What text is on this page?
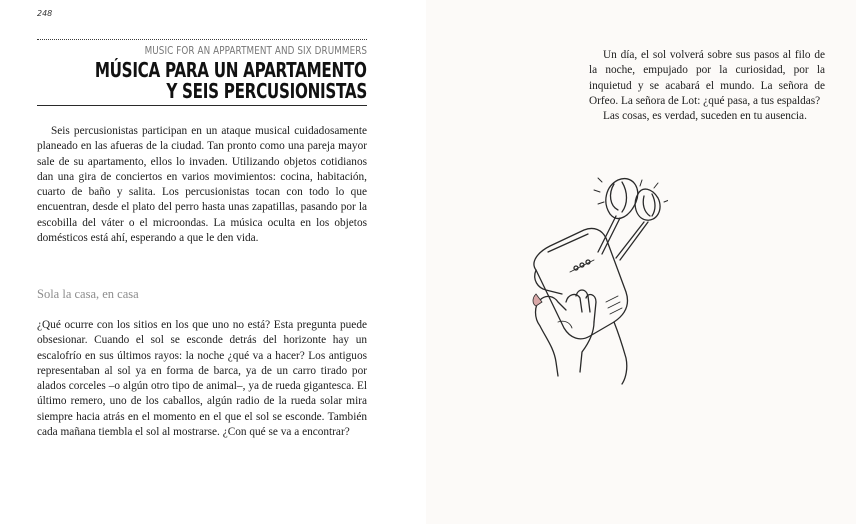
248
MUSIC FOR AN APPARTMENT AND SIX DRUMMERS
MÚSICA PARA UN APARTAMENTO
Y SEIS PERCUSIONISTAS

Seis percusionistas participan en un ataque musical cuidadosamente planeado en las afueras de la ciudad. Tan pronto como una pareja mayor sale de su apartamento, ellos lo invaden. Utilizando objetos cotidianos dan una gira de conciertos en varios movimientos: cocina, habitación, cuarto de baño y salita. Los percusionistas tocan con todo lo que encuentran, desde el plato del perro hasta unas zapatillas, pasando por la escobilla del váter o el microondas. La música oculta en los objetos domésticos está ahí, esperando a que le den vida.

Sola la casa, en casa

¿Qué ocurre con los sitios en los que uno no está? Esta pregunta puede obsesionar. Cuando el sol se esconde detrás del horizonte hay un escalofrío en sus últimos rayos: la noche ¿qué va a hacer? Los antiguos representaban al sol ya en forma de barca, ya de un carro tirado por alados corceles –o algún otro tipo de animal–, ya de rueda gigantesca. El último remero, uno de los caballos, algún radio de la rueda solar mira siempre hacia atrás en el momento en el que el sol se esconde. También cada mañana tiembla el sol al mostrarse. ¿Con qué se va a encontrar?

Un día, el sol volverá sobre sus pasos al filo de la noche, empujado por la curiosidad, por la inquietud y se acabará el mundo. La señora de Orfeo. La señora de Lot: ¿qué pasa, a tus espaldas?

Las cosas, es verdad, suceden en tu ausencia.
